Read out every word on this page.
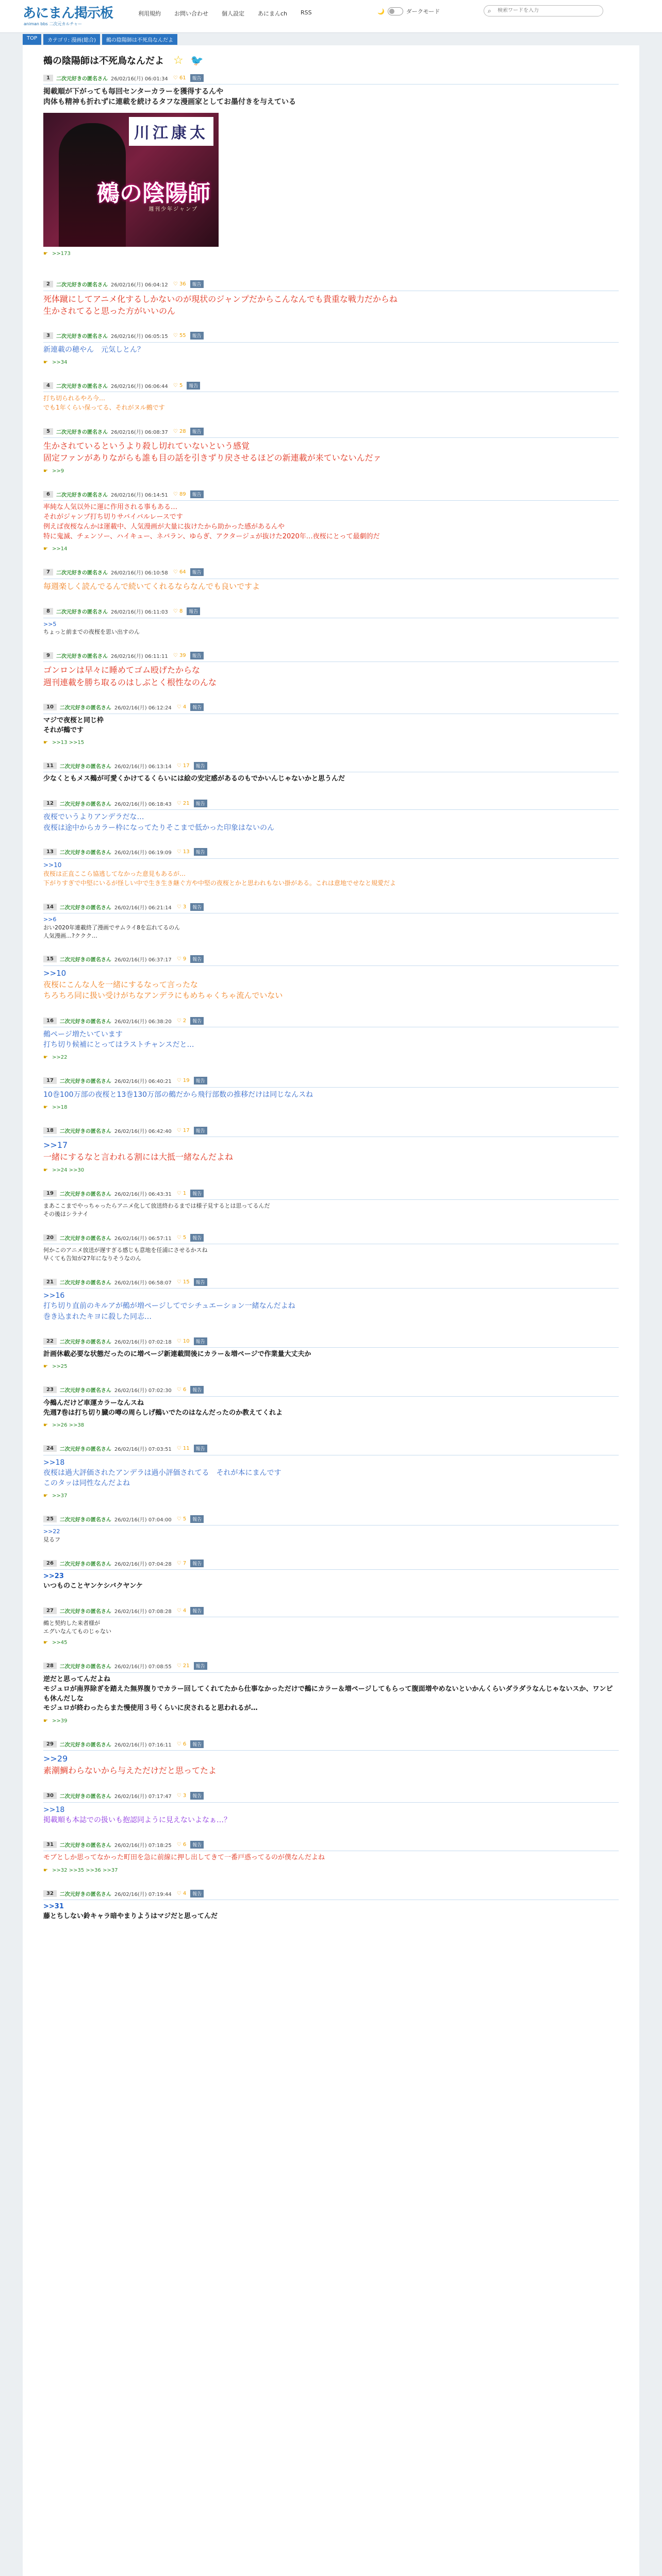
あにまん掲示板
animan bbs 二次元カルチャー
利用規約 お問い合わせ 個人設定 あにまんch RSS	🌙	ダークモード	⌕
検索ワードを入力
TOP	カテゴリ: 漫画(総合)	鵺の陰陽師は不死鳥なんだよ
鵺の陰陽師は不死鳥なんだよ ☆ 🐦
1	二次元好きの匿名さん 26/02/16(月) 06:01:34 ♡ 61	報告
掲載順が下がっても毎回センターカラーを獲得するんや
肉体も精神も折れずに連載を続けるタフな漫画家としてお墨付きを与えている
川江康太
鵺の陰陽師
週刊少年ジャンプ
☛ >>173
2	二次元好きの匿名さん 26/02/16(月) 06:04:12 ♡ 36	報告
死体蹴にしてアニメ化するしかないのが現状のジャンプだからこんなんでも貴重な戦力だからね
生かされてると思った方がいいのん
3	二次元好きの匿名さん 26/02/16(月) 06:05:15 ♡ 55	報告
新連載の穂やん　元気しとん？
☛ >>34
4	二次元好きの匿名さん 26/02/16(月) 06:06:44 ♡ 5	報告
打ち切られるやろ今…
でも1年くらい保ってる、それがヌル鵺です
5	二次元好きの匿名さん 26/02/16(月) 06:08:37 ♡ 28	報告
生かされているというより殺し切れていないという感覚
固定ファンがありながらも誰も目の話を引きずり戻させるほどの新連載が来ていないんだァ
☛ >>9
6	二次元好きの匿名さん 26/02/16(月) 06:14:51 ♡ 89	報告
率純な人気以外に運に作用される事もある…
それがジャンプ打ち切りサバイバルレースです
例えば夜桜なんかは運載中、人気漫画が大量に抜けたから助かった感があるんや
特に鬼滅、チェンソー、ハイキュー、ネバラン、ゆらぎ、アクタージュが抜けた2020年…夜桜にとって最劇的だ
☛ >>14
7	二次元好きの匿名さん 26/02/16(月) 06:10:58 ♡ 64	報告
毎週楽しく読んでるんで続いてくれるならなんでも良いですよ
8	二次元好きの匿名さん 26/02/16(月) 06:11:03 ♡ 8	報告
>>5
ちょっと前までの夜桜を思い出すのん
9	二次元好きの匿名さん 26/02/16(月) 06:11:11 ♡ 39	報告
ゴンロンは早々に睡めてゴム殴げたからな
週刊連載を勝ち取るのはしぶとく根性なのんな
10	二次元好きの匿名さん 26/02/16(月) 06:12:24 ♡ 4	報告
マジで夜桜と同じ枠
それが鵺です
☛ >>13 >>15
11	二次元好きの匿名さん 26/02/16(月) 06:13:14 ♡ 17	報告
少なくともメス鵺が可愛くかけてるくらいには絵の安定感があるのもでかいんじゃないかと思うんだ
12	二次元好きの匿名さん 26/02/16(月) 06:18:43 ♡ 21	報告
夜桜でいうよりアンデラだな…
夜桜は途中からカラー枠になってたりそこまで低かった印象はないのん
13	二次元好きの匿名さん 26/02/16(月) 06:19:09 ♡ 13	報告
>>10
夜桜は正直ここら協逃してなかった意見もあるが…
下がりすぎで中堅にいるが怪しい中で生き生き継ぐ方や中堅の夜桜とかと思われもない掛がある。これは意地でせなと規愛だよ
14	二次元好きの匿名さん 26/02/16(月) 06:21:14 ♡ 3	報告
>>6
おい2020年連載終了漫画でサムライ8を忘れてるのん
人気漫画…?ククク…
15	二次元好きの匿名さん 26/02/16(月) 06:37:17 ♡ 9	報告
>>10
夜桜にこんな人を一緒にするなって言ったな
ちろちろ同に扱い受けがちなアンデラにもめちゃくちゃ流んでいない
16	二次元好きの匿名さん 26/02/16(月) 06:38:20 ♡ 2	報告
鵺ページ増たいています
打ち切り候補にとってはラストチャンスだと…
☛ >>22
17	二次元好きの匿名さん 26/02/16(月) 06:40:21 ♡ 19	報告
10巻100万部の夜桜と13巻130万部の鵺だから飛行部数の推移だけは同じなんスね
☛ >>18
18	二次元好きの匿名さん 26/02/16(月) 06:42:40 ♡ 17	報告
>>17
一緒にするなと言われる割には大抵一緒なんだよね
☛ >>24 >>30
19	二次元好きの匿名さん 26/02/16(月) 06:43:31 ♡ 1	報告
まあここまでやっちゃったらアニメ化して放送終わるまでは様子見するとは思ってるんだ
その後はシラナイ
20	二次元好きの匿名さん 26/02/16(月) 06:57:11 ♡ 5	報告
何かこのアニメ放送が遅すぎる感じも意地を任浦にさせるかスね
早くても告知が27年になりそうなのん
21	二次元好きの匿名さん 26/02/16(月) 06:58:07 ♡ 15	報告
>>16
打ち切り直前のキルアが鵺が増ページしてでシチュエーション一緒なんだよね
巻き込まれたキヨに殺した同志…
22	二次元好きの匿名さん 26/02/16(月) 07:02:18 ♡ 10	報告
計画休載必要な状態だったのに増ページ新連載間後にカラー＆増ページで作業量大丈夫か
☛ >>25
23	二次元好きの匿名さん 26/02/16(月) 07:02:30 ♡ 6	報告
今鵺んだけど車運カラーなんスね
先週7巻は打ち切り臓の噂の周らしげ鵺いでたのはなんだったのか教えてくれよ
☛ >>26 >>38
24	二次元好きの匿名さん 26/02/16(月) 07:03:51 ♡ 11	報告
>>18
夜桜は過大評価されたアンデラは過小評価されてる　それが本にまんです
このタッは同性なんだよね
☛ >>37
25	二次元好きの匿名さん 26/02/16(月) 07:04:00 ♡ 5	報告
>>22
見るフ
26	二次元好きの匿名さん 26/02/16(月) 07:04:28 ♡ 7	報告
>>23
いつものことヤンケシバクヤンケ
27	二次元好きの匿名さん 26/02/16(月) 07:08:28 ♡ 4	報告
鵺と契約した来者様が
エグいなんてものじゃない
☛ >>45
28	二次元好きの匿名さん 26/02/16(月) 07:08:55 ♡ 21	報告
逆だと思ってんだよね
モジュロが南界除ぎを踏えた無界腹りでカラー回してくれてたから仕事なかっただけで鵺にカラー＆増ページしてもらって腹面増やめないといかんくらいダラダラなんじゃないスか、ワンピも休んだしな
モジュロが終わったらまた慢使用３号くらいに戻されると思われるが…
☛ >>39
29	二次元好きの匿名さん 26/02/16(月) 07:16:11 ♡ 6	報告
>>29
素潮鯛わらないから与えただけだと思ってたよ
30	二次元好きの匿名さん 26/02/16(月) 07:17:47 ♡ 3	報告
>>18
掲載順も本誌での扱いも抱認同ように見えないよなぁ…？
31	二次元好きの匿名さん 26/02/16(月) 07:18:25 ♡ 6	報告
モブとしか思ってなかった町田を急に前線に押し出してきて一番戸惑ってるのが僕なんだよね
☛ >>32 >>35 >>36 >>37
32	二次元好きの匿名さん 26/02/16(月) 07:19:44 ♡ 4	報告
>>31
藤とちしない鈴キャラ暗やまりようはマジだと思ってんだ
